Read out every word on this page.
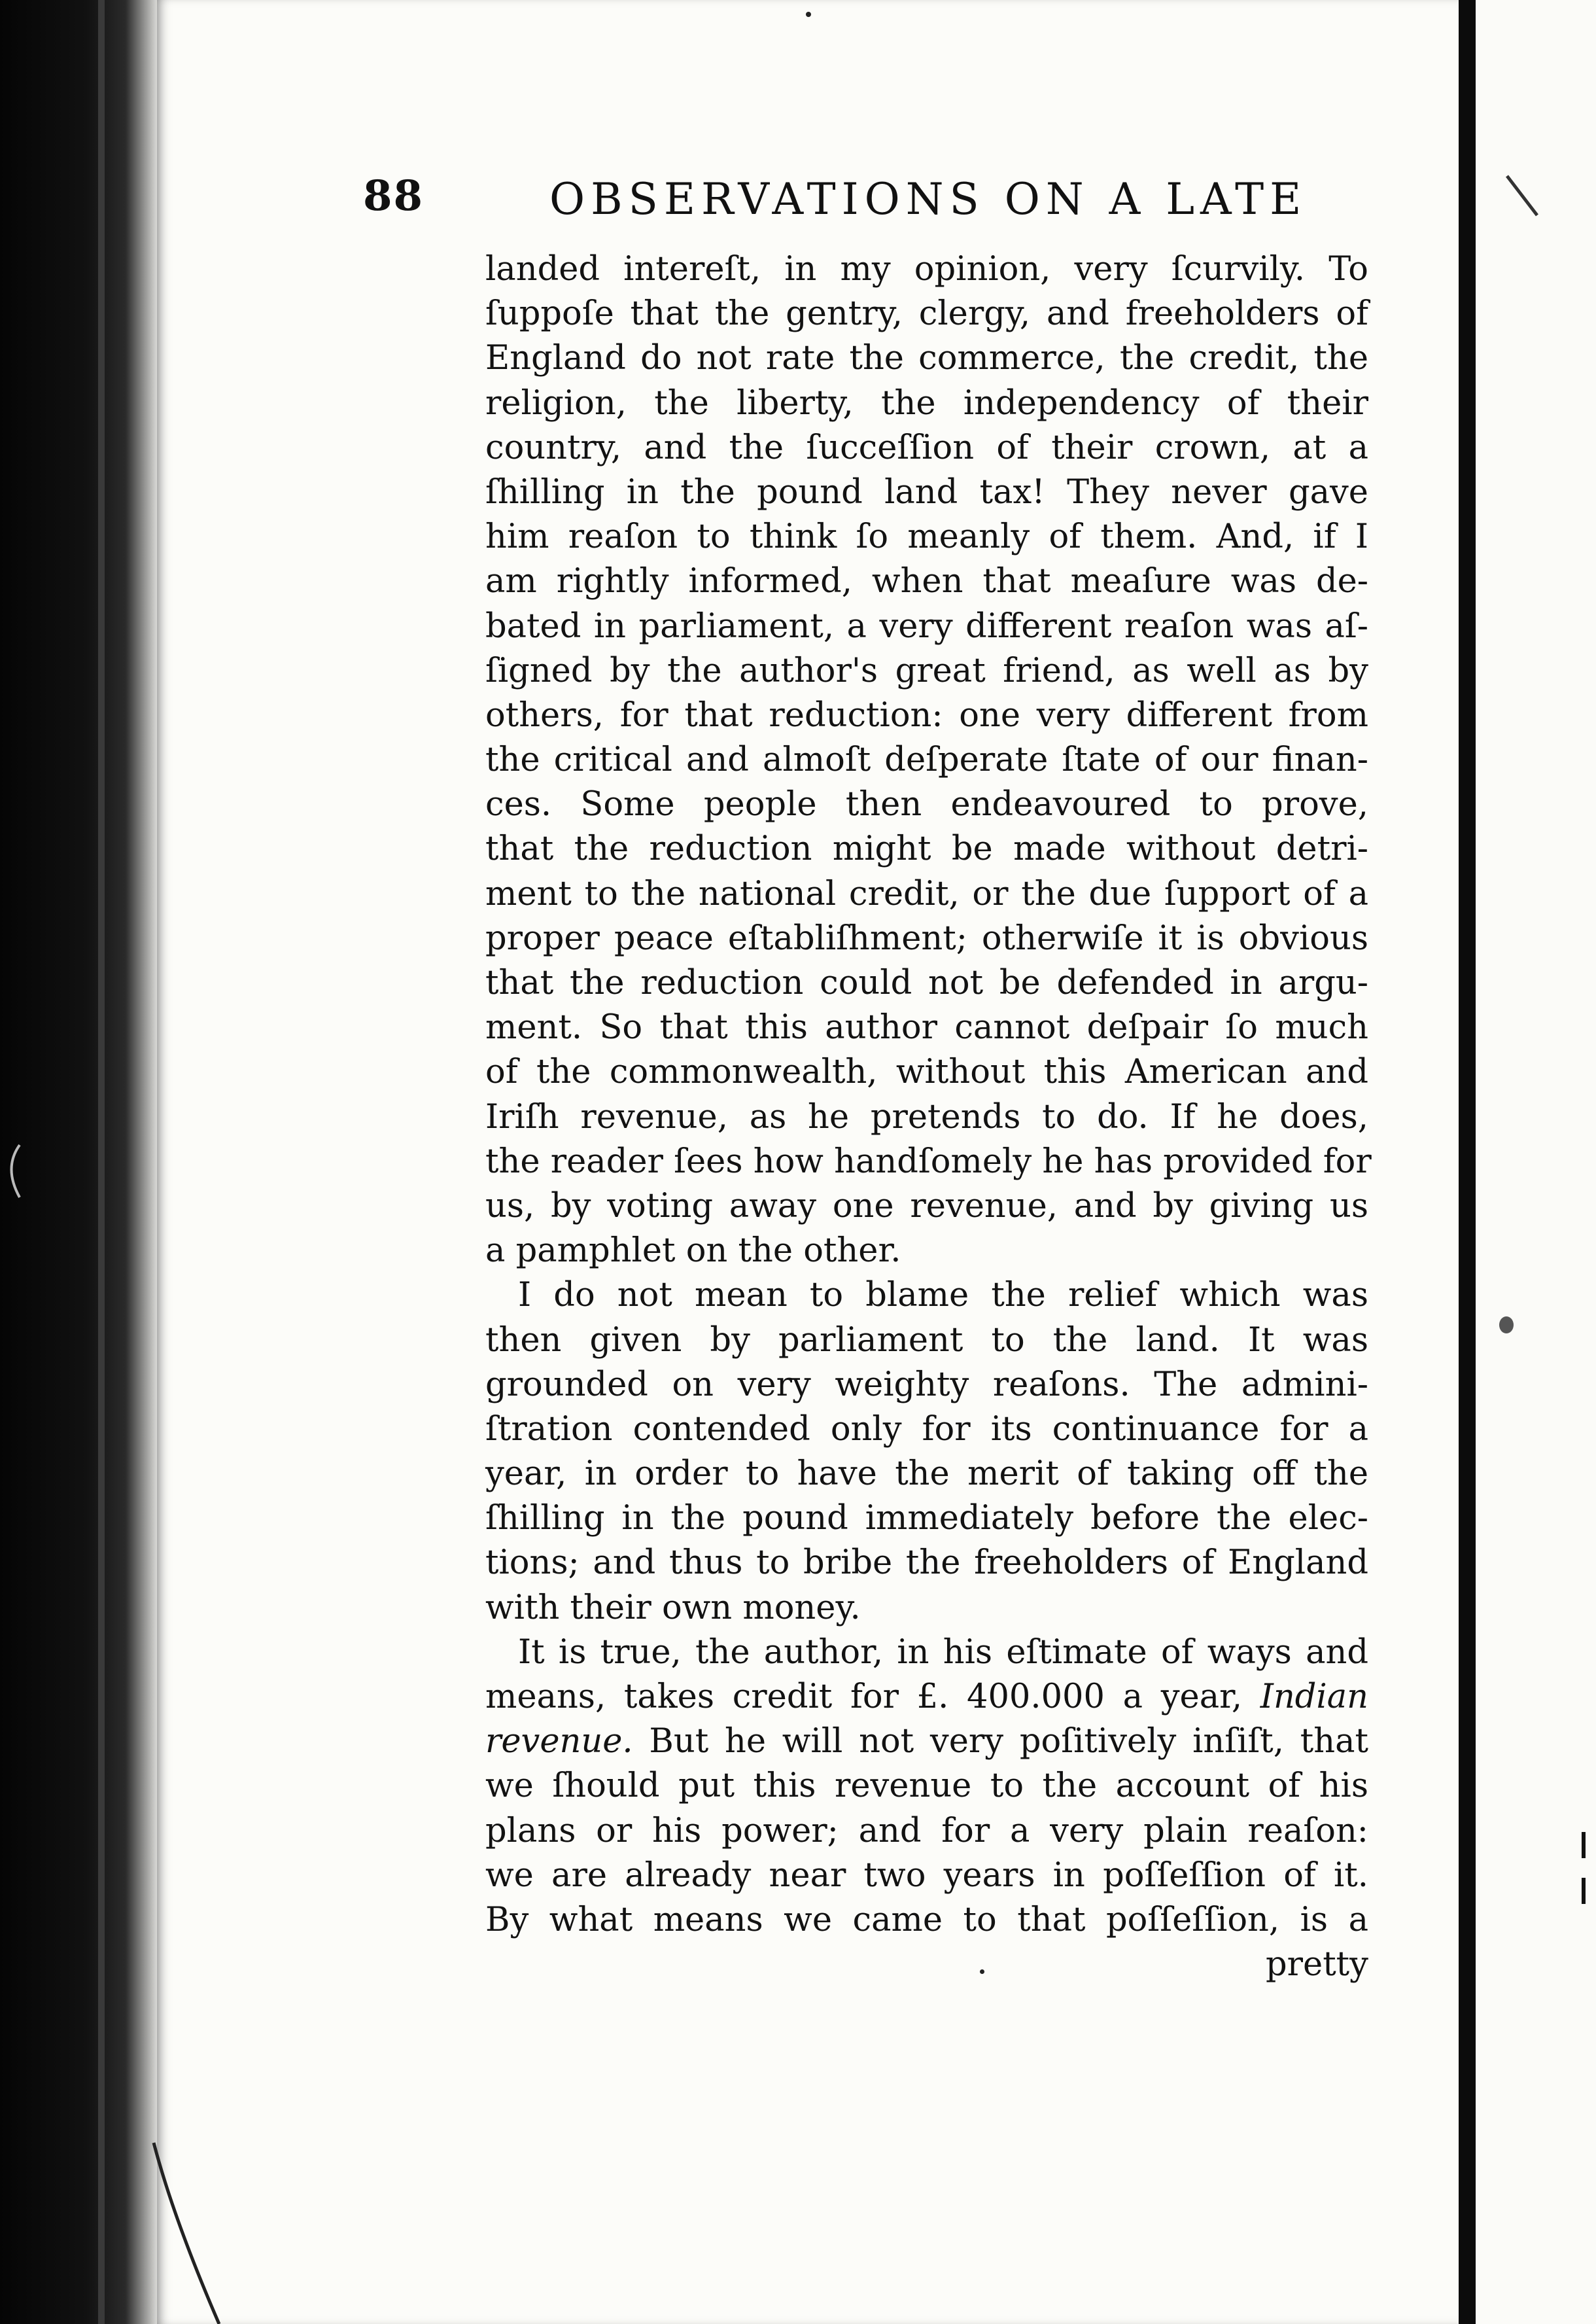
88	OBSERVATIONS ON A LATE
landed intereſt, in my opinion, very ſcurvily. To
ſuppoſe that the gentry, clergy, and freeholders of
England do not rate the commerce, the credit, the
religion, the liberty, the independency of their
country, and the ſucceſſion of their crown, at a
ſhilling in the pound land tax! They never gave
him reaſon to think ſo meanly of them. And, if I
am rightly informed, when that meaſure was de-
bated in parliament, a very different reaſon was aſ-
ſigned by the author's great friend, as well as by
others, for that reduction: one very different from
the critical and almoſt deſperate ſtate of our finan-
ces. Some people then endeavoured to prove,
that the reduction might be made without detri-
ment to the national credit, or the due ſupport of a
proper peace eſtabliſhment; otherwiſe it is obvious
that the reduction could not be defended in argu-
ment. So that this author cannot deſpair ſo much
of the commonwealth, without this American and
Iriſh revenue, as he pretends to do. If he does,
the reader ſees how handſomely he has provided for
us, by voting away one revenue, and by giving us
a pamphlet on the other.
I do not mean to blame the relief which was
then given by parliament to the land. It was
grounded on very weighty reaſons. The admini-
ſtration contended only for its continuance for a
year, in order to have the merit of taking off the
ſhilling in the pound immediately before the elec-
tions; and thus to bribe the freeholders of England
with their own money.
It is true, the author, in his eſtimate of ways and
means, takes credit for £. 400.000 a year, Indian
revenue. But he will not very poſitively inſiſt, that
we ſhould put this revenue to the account of his
plans or his power; and for a very plain reaſon:
we are already near two years in poſſeſſion of it.
By what means we came to that poſſeſſion, is a
pretty
